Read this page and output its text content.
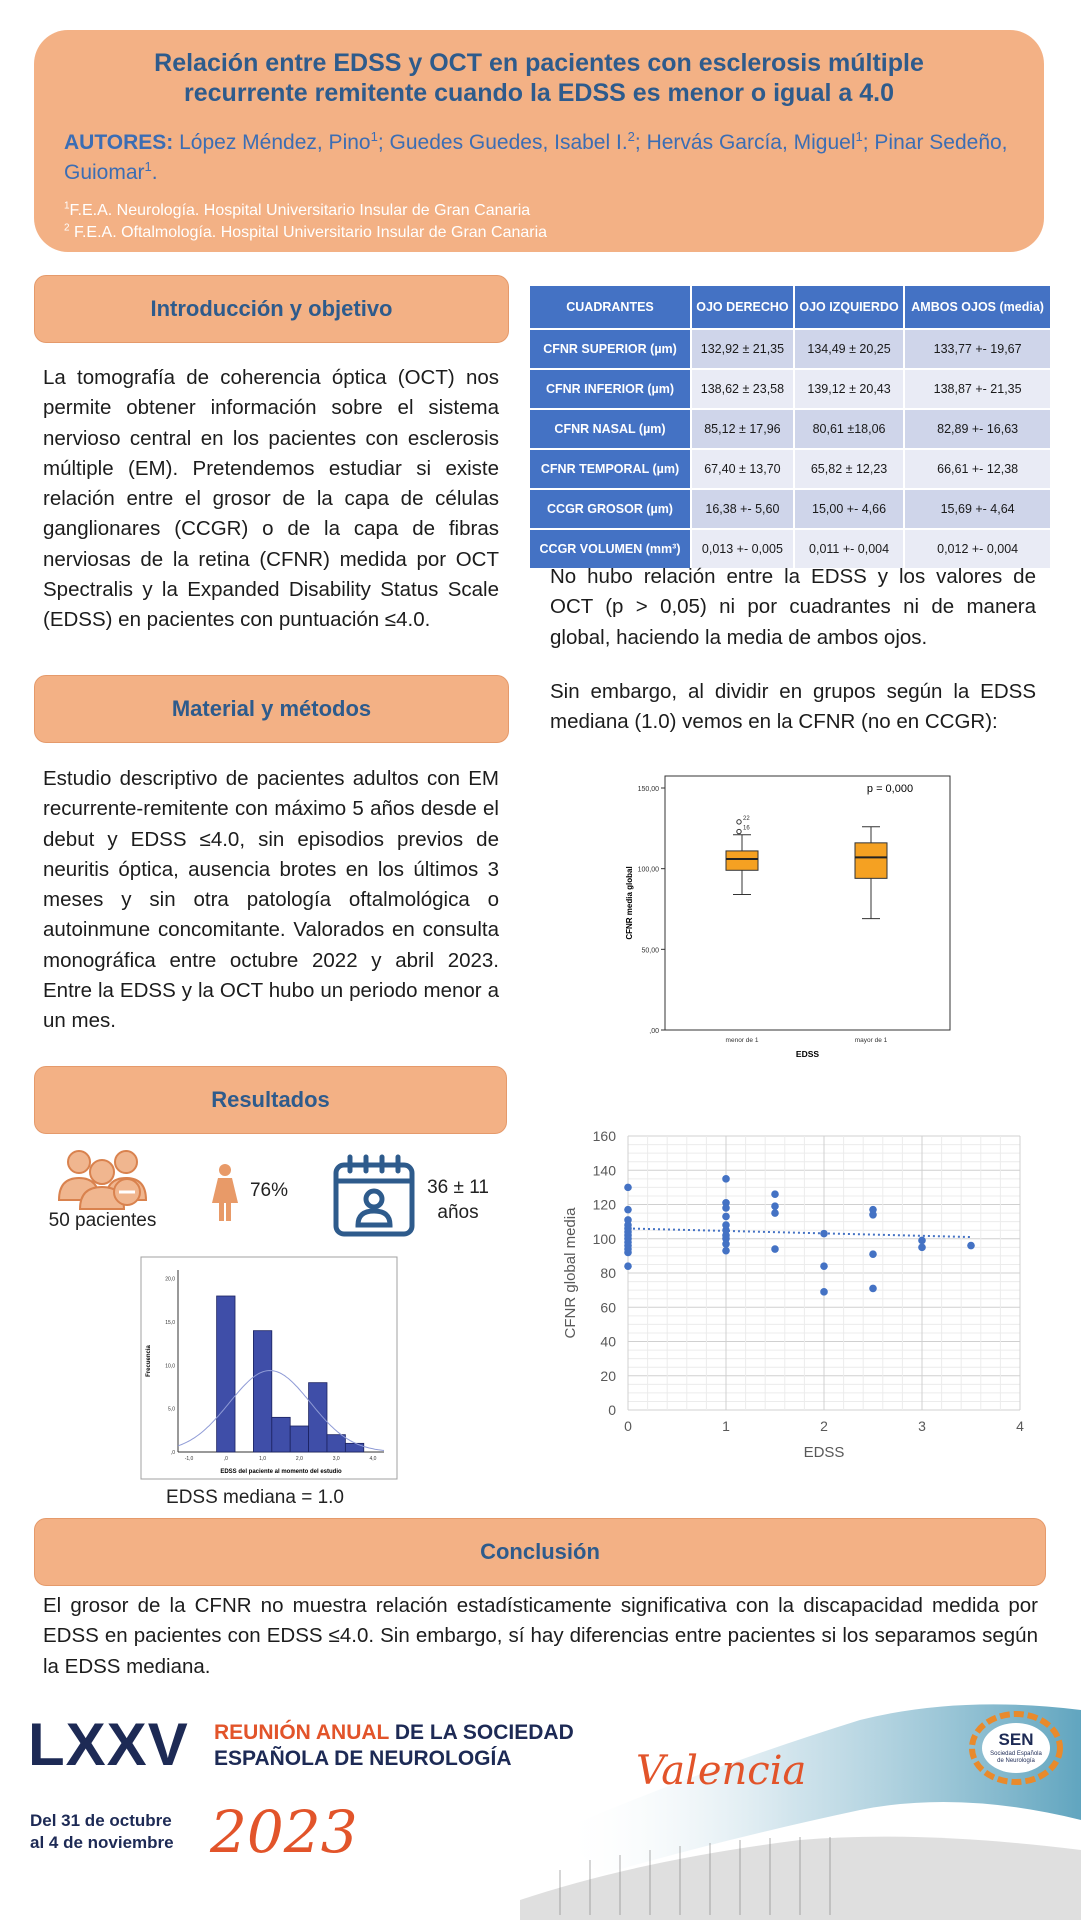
Relación entre EDSS y OCT en pacientes con esclerosis múltiple
recurrente remitente cuando la EDSS es menor o igual a 4.0
AUTORES: López Méndez, Pino$^1$; Guedes Guedes, Isabel I.$^2$; Hervás García, Miguel$^1$; Pinar Sedeño, Guiomar$^1$.
$^1$F.E.A. Neurología. Hospital Universitario Insular de Gran Canaria
$^2$ F.E.A. Oftalmología. Hospital Universitario Insular de Gran Canaria
Introducción y objetivo
La tomografía de coherencia óptica (OCT) nos permite obtener información sobre el sistema nervioso central en los pacientes con esclerosis múltiple (EM). Pretendemos estudiar si existe relación entre el grosor de la capa de células ganglionares (CCGR) o de la capa de fibras nerviosas de la retina (CFNR) medida por OCT Spectralis y la Expanded Disability Status Scale (EDSS) en pacientes con puntuación ≤4.0.
Material y métodos
Estudio descriptivo de pacientes adultos con EM recurrente-remitente con máximo 5 años desde el debut y EDSS ≤4.0, sin episodios previos de neuritis óptica, ausencia brotes en los últimos 3 meses y sin otra patología oftalmológica o autoinmune concomitante. Valorados en consulta monográfica entre octubre 2022 y abril 2023. Entre la EDSS y la OCT hubo un periodo menor a un mes.
Resultados
50 pacientes
76%	36 ± 11
años
20,0
15,0
10,0
5,0
,0
-1,0	,0	1,0	2,0	3,0	4,0
Frecuencia
EDSS del paciente al momento del estudio
EDSS mediana = 1.0
CUADRANTES	OJO DERECHO	OJO IZQUIERDO	AMBOS OJOS (media)
CFNR SUPERIOR (µm)	132,92 ± 21,35	134,49 ± 20,25	133,77 +- 19,67
CFNR INFERIOR (µm)	138,62 ± 23,58	139,12 ± 20,43	138,87 +- 21,35
CFNR NASAL (µm)	85,12 ± 17,96	80,61 ±18,06	82,89 +- 16,63
CFNR TEMPORAL (µm)	67,40 ± 13,70	65,82 ± 12,23	66,61 +- 12,38
CCGR GROSOR (µm)	16,38 +- 5,60	15,00 +- 4,66	15,69 +- 4,64
CCGR VOLUMEN (mm³)	0,013 +- 0,005	0,011 +- 0,004	0,012 +- 0,004
No hubo relación entre la EDSS y los valores de OCT (p > 0,05) ni por cuadrantes ni de manera global, haciendo la media de ambos ojos.
Sin embargo, al dividir en grupos según la EDSS mediana (1.0) vemos en la CFNR (no en CCGR):
150,00
100,00
50,00
,00
CFNR media global
EDSS
p = 0,000
22
16
menor de 1	mayor de 1
0
20
40
60
80
100
120
140
160
0	1	2	3	4
CFNR global media
EDSS
Conclusión
El grosor de la CFNR no muestra relación estadísticamente significativa con la discapacidad medida por EDSS en pacientes con EDSS ≤4.0. Sin embargo, sí hay diferencias entre pacientes si los separamos según la EDSS mediana.
LXXV REUNIÓN ANUAL DE LA SOCIEDAD
ESPAÑOLA DE NEUROLOGÍA	Valencia
Del 31 de octubre
al 4 de noviembre 2023
SEN
Sociedad Española
de Neurología
